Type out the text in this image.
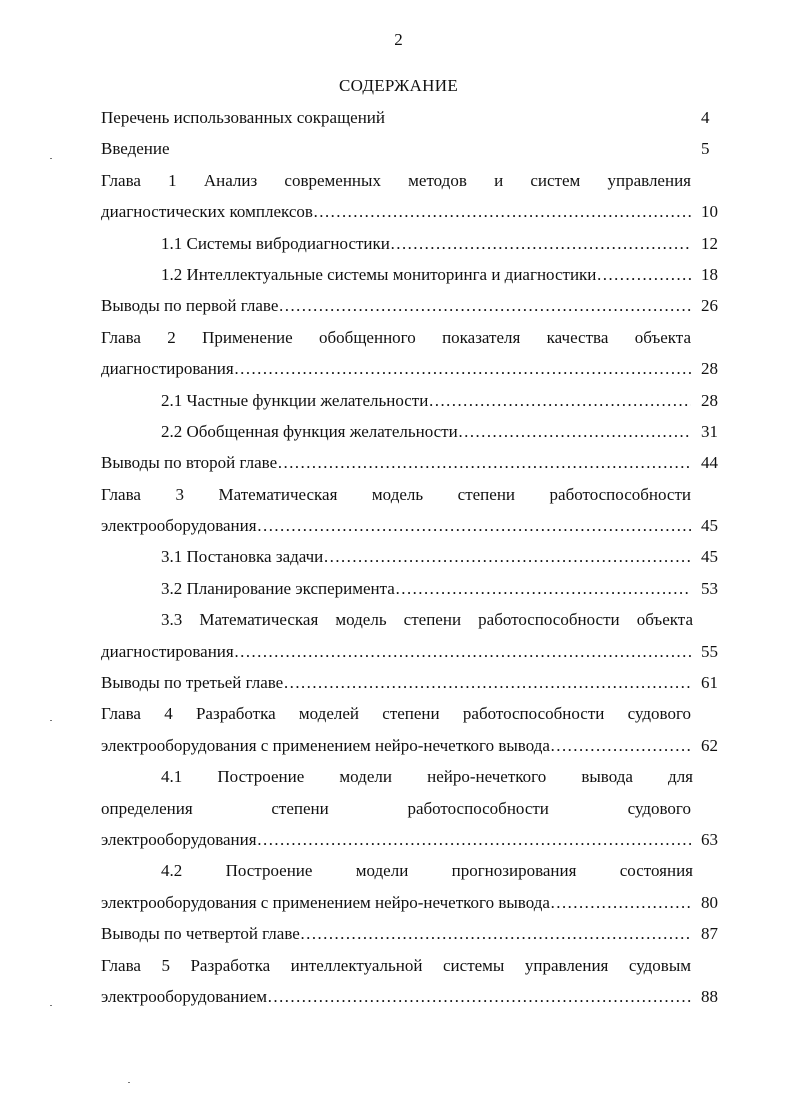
2
СОДЕРЖАНИЕ
Перечень использованных сокращений	4
Введение	5
Глава 1 Анализ современных методов и систем управления
диагностических комплексов …………………………………………………………………………………………………………………………………………………………	10
1.1 Системы вибродиагностики …………………………………………………………………………………………………………………………………………………………	12
1.2 Интеллектуальные системы мониторинга и диагностики …………………………………………………………………………………………………………………………………………………………	18
Выводы по первой главе …………………………………………………………………………………………………………………………………………………………	26
Глава 2 Применение обобщенного показателя качества объекта
диагностирования …………………………………………………………………………………………………………………………………………………………	28
2.1 Частные функции желательности …………………………………………………………………………………………………………………………………………………………	28
2.2 Обобщенная функция желательности …………………………………………………………………………………………………………………………………………………………	31
Выводы по второй главе …………………………………………………………………………………………………………………………………………………………	44
Глава 3 Математическая модель степени работоспособности
электрооборудования …………………………………………………………………………………………………………………………………………………………	45
3.1 Постановка задачи …………………………………………………………………………………………………………………………………………………………	45
3.2 Планирование эксперимента …………………………………………………………………………………………………………………………………………………………	53
3.3 Математическая модель степени работоспособности объекта
диагностирования …………………………………………………………………………………………………………………………………………………………	55
Выводы по третьей главе …………………………………………………………………………………………………………………………………………………………	61
Глава 4 Разработка моделей степени работоспособности судового
электрооборудования с применением нейро-нечеткого вывода …………………………………………………………………………………………………………………………………………………………	62
4.1 Построение модели нейро-нечеткого вывода для
определения степени работоспособности судового
электрооборудования …………………………………………………………………………………………………………………………………………………………	63
4.2 Построение модели прогнозирования состояния
электрооборудования с применением нейро-нечеткого вывода …………………………………………………………………………………………………………………………………………………………	80
Выводы по четвертой главе …………………………………………………………………………………………………………………………………………………………	87
Глава 5 Разработка интеллектуальной системы управления судовым
электрооборудованием …………………………………………………………………………………………………………………………………………………………	88
